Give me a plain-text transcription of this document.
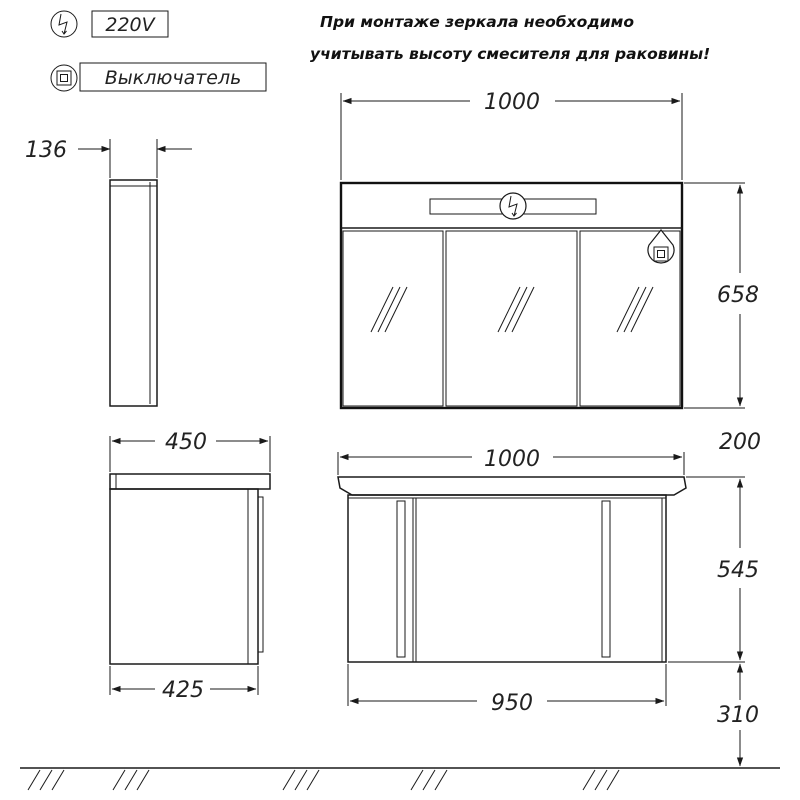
220V
Выключатель
При монтаже зеркала необходимо
учитывать высоту смесителя для раковины!
136
1000
658
450
425
1000
950
200
545
310
